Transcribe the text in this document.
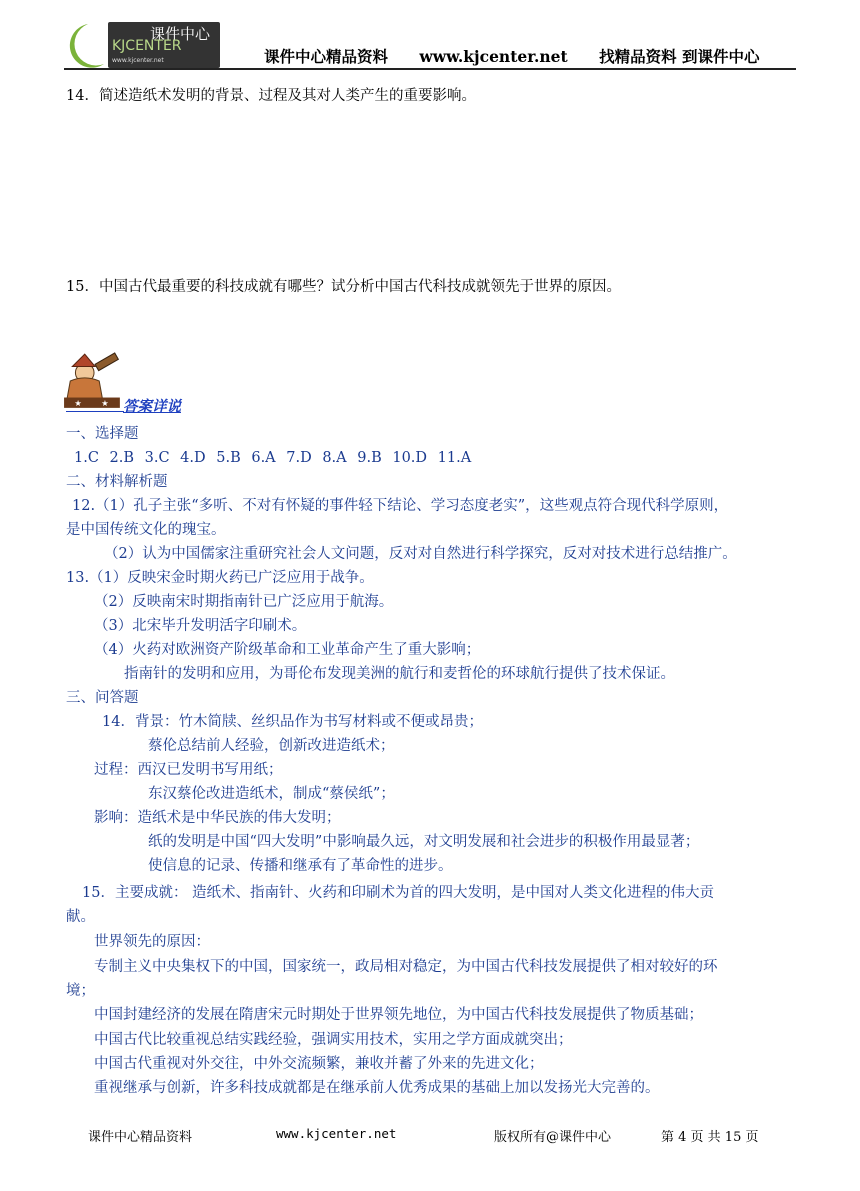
课件中心
KJCENTER
www.kjcenter.net	课件中心精品资料 www.kjcenter.net 找精品资料 到课件中心
14．简述造纸术发明的背景、过程及其对人类产生的重要影响。
15．中国古代最重要的科技成就有哪些？试分析中国古代科技成就领先于世界的原因。
★
★	答案详说
一、选择题
1.C 2.B 3.C 4.D 5.B 6.A 7.D 8.A 9.B 10.D 11.A
二、材料解析题
12.（1）孔子主张“多听、不对有怀疑的事件轻下结论、学习态度老实”，这些观点符合现代科学原则，
是中国传统文化的瑰宝。
（2）认为中国儒家注重研究社会人文问题，反对对自然进行科学探究，反对对技术进行总结推广。
13.（1）反映宋金时期火药已广泛应用于战争。
（2）反映南宋时期指南针已广泛应用于航海。
（3）北宋毕升发明活字印刷术。
（4）火药对欧洲资产阶级革命和工业革命产生了重大影响；
指南针的发明和应用，为哥伦布发现美洲的航行和麦哲伦的环球航行提供了技术保证。
三、问答题
14．背景：竹木简牍、丝织品作为书写材料或不便或昂贵；
蔡伦总结前人经验，创新改进造纸术；
过程：西汉已发明书写用纸；
东汉蔡伦改进造纸术，制成“蔡侯纸”；
影响：造纸术是中华民族的伟大发明；
纸的发明是中国“四大发明”中影响最久远，对文明发展和社会进步的积极作用最显著；
使信息的记录、传播和继承有了革命性的进步。
15．主要成就： 造纸术、指南针、火药和印刷术为首的四大发明，是中国对人类文化进程的伟大贡
献。
世界领先的原因：
专制主义中央集权下的中国，国家统一，政局相对稳定，为中国古代科技发展提供了相对较好的环
境；
中国封建经济的发展在隋唐宋元时期处于世界领先地位，为中国古代科技发展提供了物质基础；
中国古代比较重视总结实践经验，强调实用技术，实用之学方面成就突出；
中国古代重视对外交往，中外交流频繁，兼收并蓄了外来的先进文化；
重视继承与创新，许多科技成就都是在继承前人优秀成果的基础上加以发扬光大完善的。
课件中心精品资料	www.kjcenter.net	版权所有@课件中心	第 4 页 共 15 页
